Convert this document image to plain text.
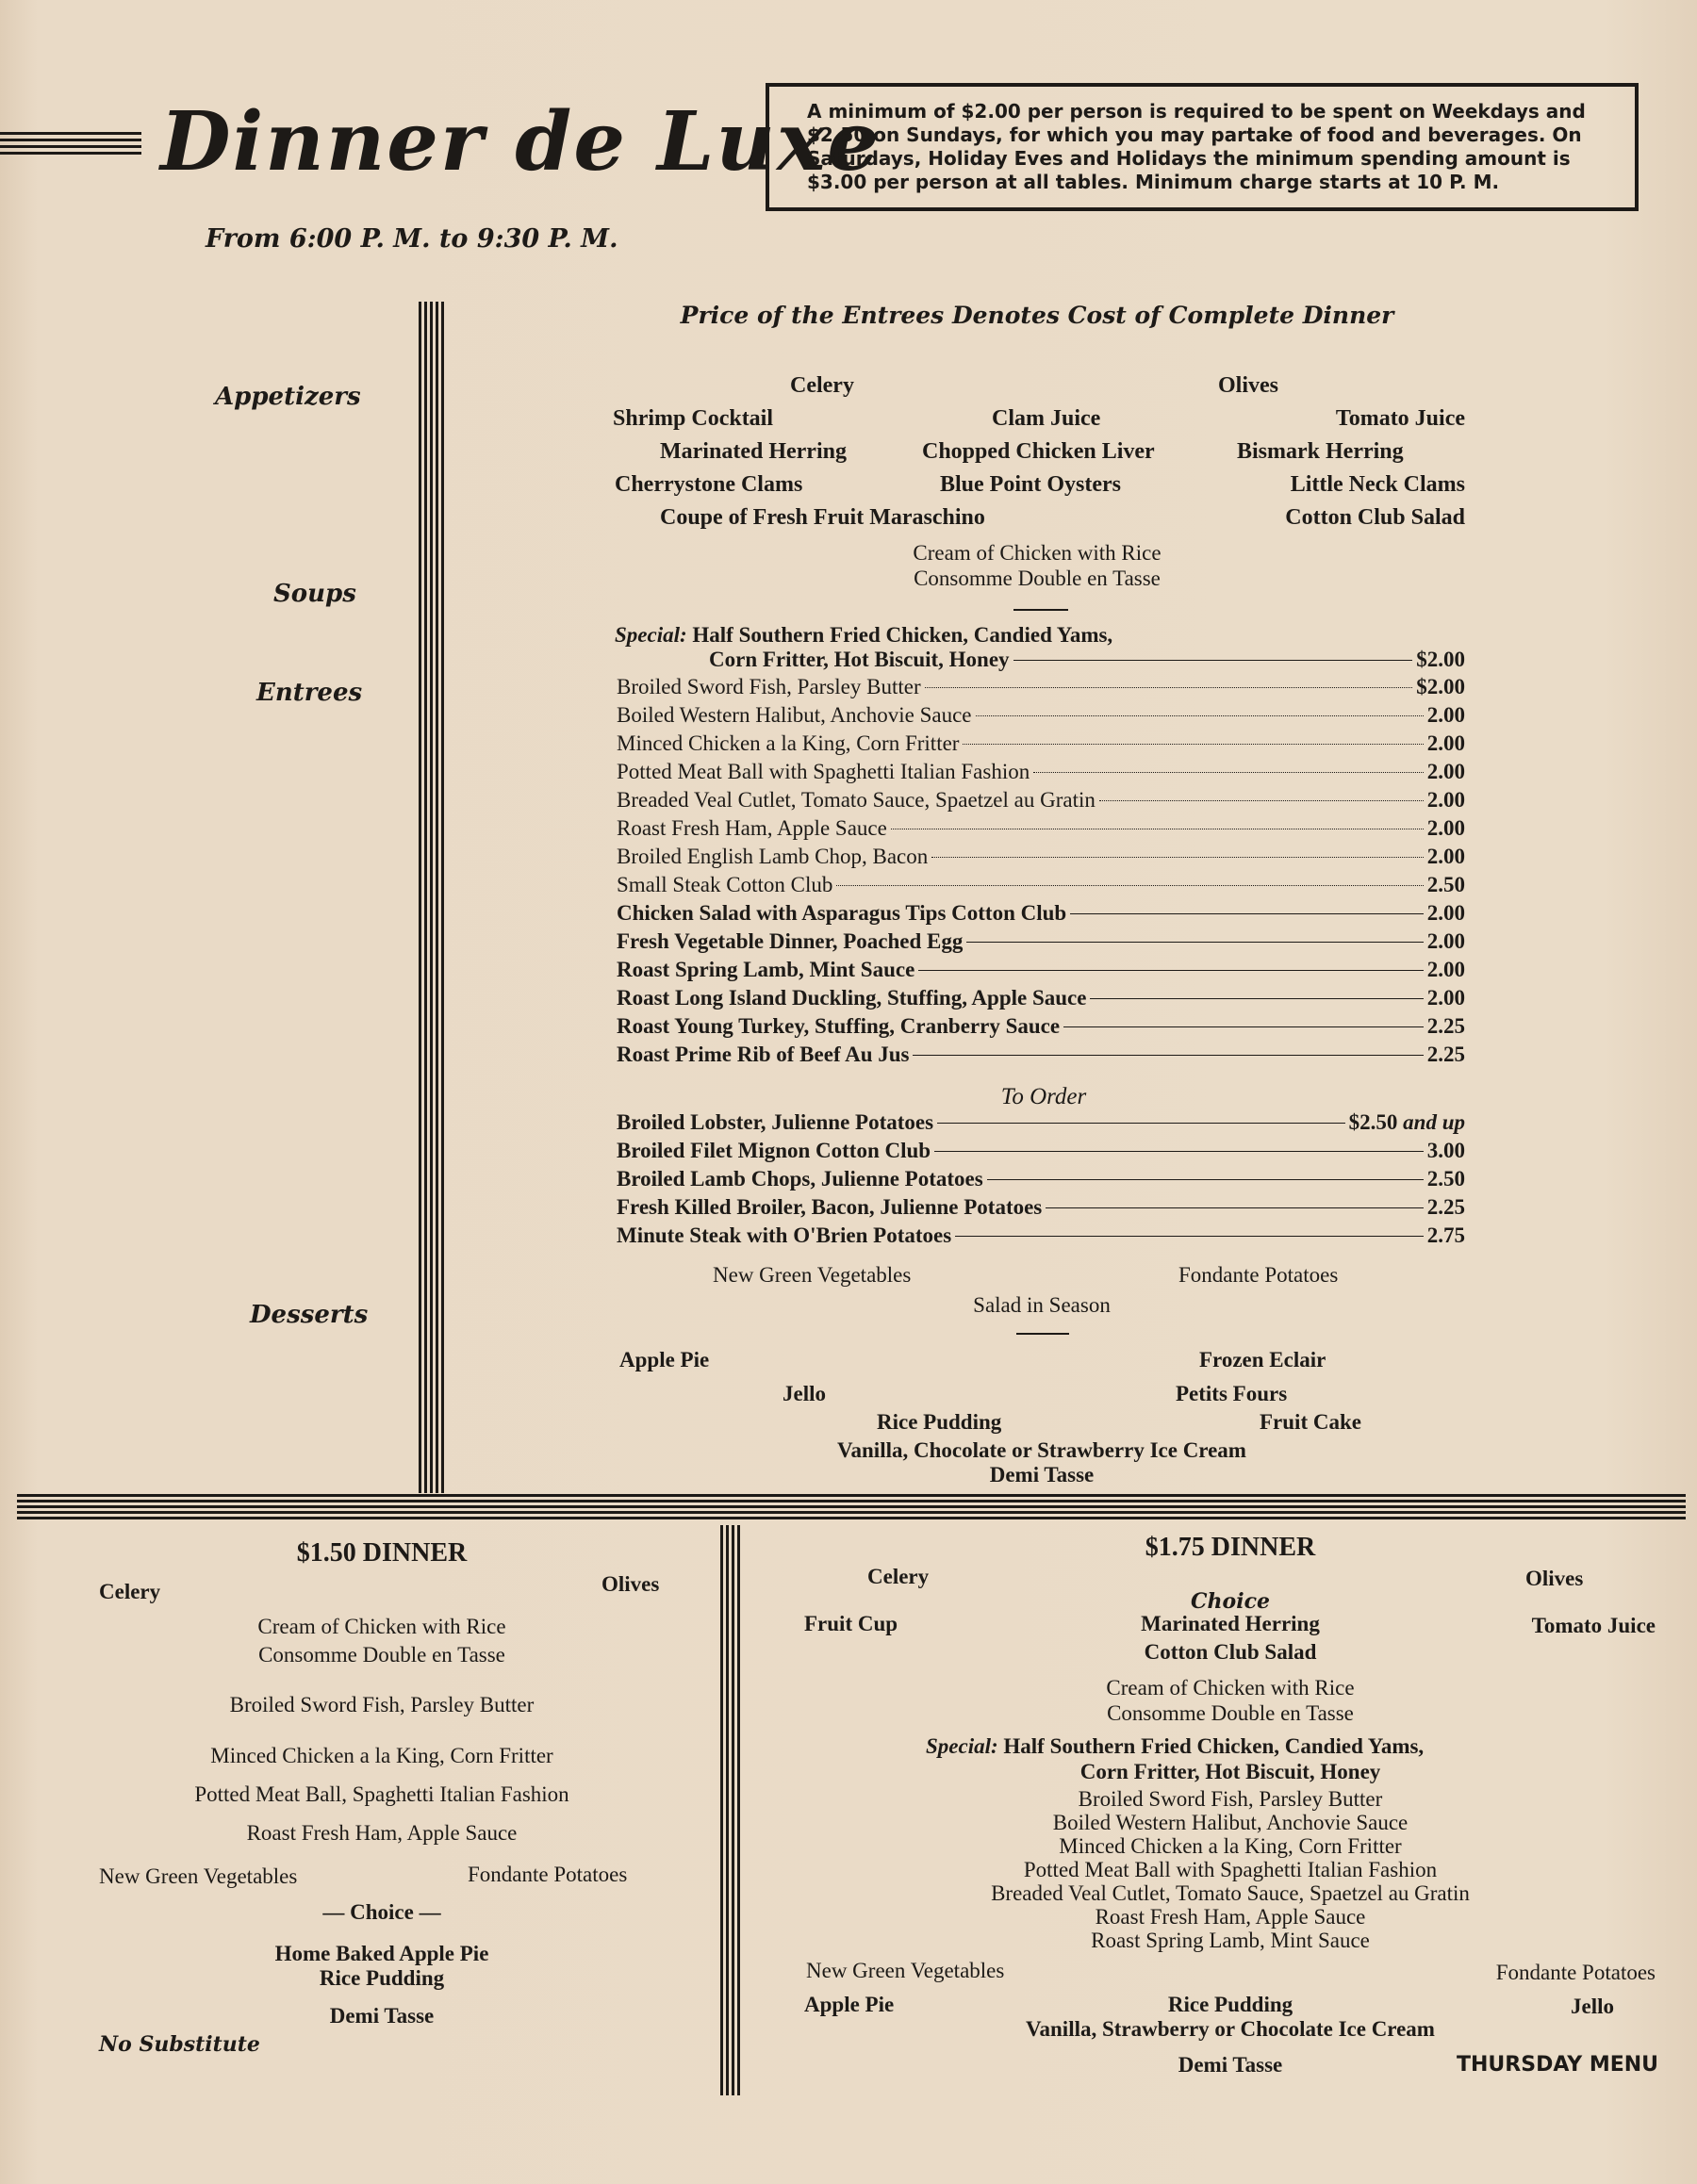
Dinner de Luxe
From 6:00 P. M. to 9:30 P. M.
A minimum of $2.00 per person is required to be spent on Weekdays and $2.50 on Sundays, for which you may partake of food and beverages. On Saturdays, Holiday Eves and Holidays the minimum spending amount is $3.00 per person at all tables. Minimum charge starts at 10 P. M.
Appetizers
Soups
Entrees
Desserts
Price of the Entrees Denotes Cost of Complete Dinner
Celery	Olives
Shrimp Cocktail	Clam Juice	Tomato Juice
Marinated Herring	Chopped Chicken Liver	Bismark Herring
Cherrystone Clams	Blue Point Oysters	Little Neck Clams
Coupe of Fresh Fruit Maraschino	Cotton Club Salad
Cream of Chicken with Rice
Consomme Double en Tasse
Special: Half Southern Fried Chicken, Candied Yams,
Corn Fritter, Hot Biscuit, Honey	$2.00
Broiled Sword Fish, Parsley Butter	$2.00
Boiled Western Halibut, Anchovie Sauce	2.00
Minced Chicken a la King, Corn Fritter	2.00
Potted Meat Ball with Spaghetti Italian Fashion	2.00
Breaded Veal Cutlet, Tomato Sauce, Spaetzel au Gratin	2.00
Roast Fresh Ham, Apple Sauce	2.00
Broiled English Lamb Chop, Bacon	2.00
Small Steak Cotton Club	2.50
Chicken Salad with Asparagus Tips Cotton Club	2.00
Fresh Vegetable Dinner, Poached Egg	2.00
Roast Spring Lamb, Mint Sauce	2.00
Roast Long Island Duckling, Stuffing, Apple Sauce	2.00
Roast Young Turkey, Stuffing, Cranberry Sauce	2.25
Roast Prime Rib of Beef Au Jus	2.25
To Order
Broiled Lobster, Julienne Potatoes	$2.50
and up
Broiled Filet Mignon Cotton Club	3.00
Broiled Lamb Chops, Julienne Potatoes	2.50
Fresh Killed Broiler, Bacon, Julienne Potatoes	2.25
Minute Steak with O'Brien Potatoes	2.75
New Green Vegetables	Fondante Potatoes
Salad in Season
Apple Pie	Frozen Eclair
Jello	Petits Fours
Rice Pudding	Fruit Cake
Vanilla, Chocolate or Strawberry Ice Cream
Demi Tasse
$1.50 DINNER
Celery	Olives
Cream of Chicken with Rice
Consomme Double en Tasse
Broiled Sword Fish, Parsley Butter
Minced Chicken a la King, Corn Fritter
Potted Meat Ball, Spaghetti Italian Fashion
Roast Fresh Ham, Apple Sauce
New Green Vegetables	Fondante Potatoes
— Choice —
Home Baked Apple Pie
Rice Pudding
Demi Tasse
No Substitute
$1.75 DINNER
Celery	Olives
Choice
Fruit Cup	Marinated Herring	Tomato Juice
Cotton Club Salad
Cream of Chicken with Rice
Consomme Double en Tasse
Special: Half Southern Fried Chicken, Candied Yams,
Corn Fritter, Hot Biscuit, Honey
Broiled Sword Fish, Parsley Butter
Boiled Western Halibut, Anchovie Sauce
Minced Chicken a la King, Corn Fritter
Potted Meat Ball with Spaghetti Italian Fashion
Breaded Veal Cutlet, Tomato Sauce, Spaetzel au Gratin
Roast Fresh Ham, Apple Sauce
Roast Spring Lamb, Mint Sauce
New Green Vegetables	Fondante Potatoes
Apple Pie	Rice Pudding	Jello
Vanilla, Strawberry or Chocolate Ice Cream
Demi Tasse	THURSDAY MENU
